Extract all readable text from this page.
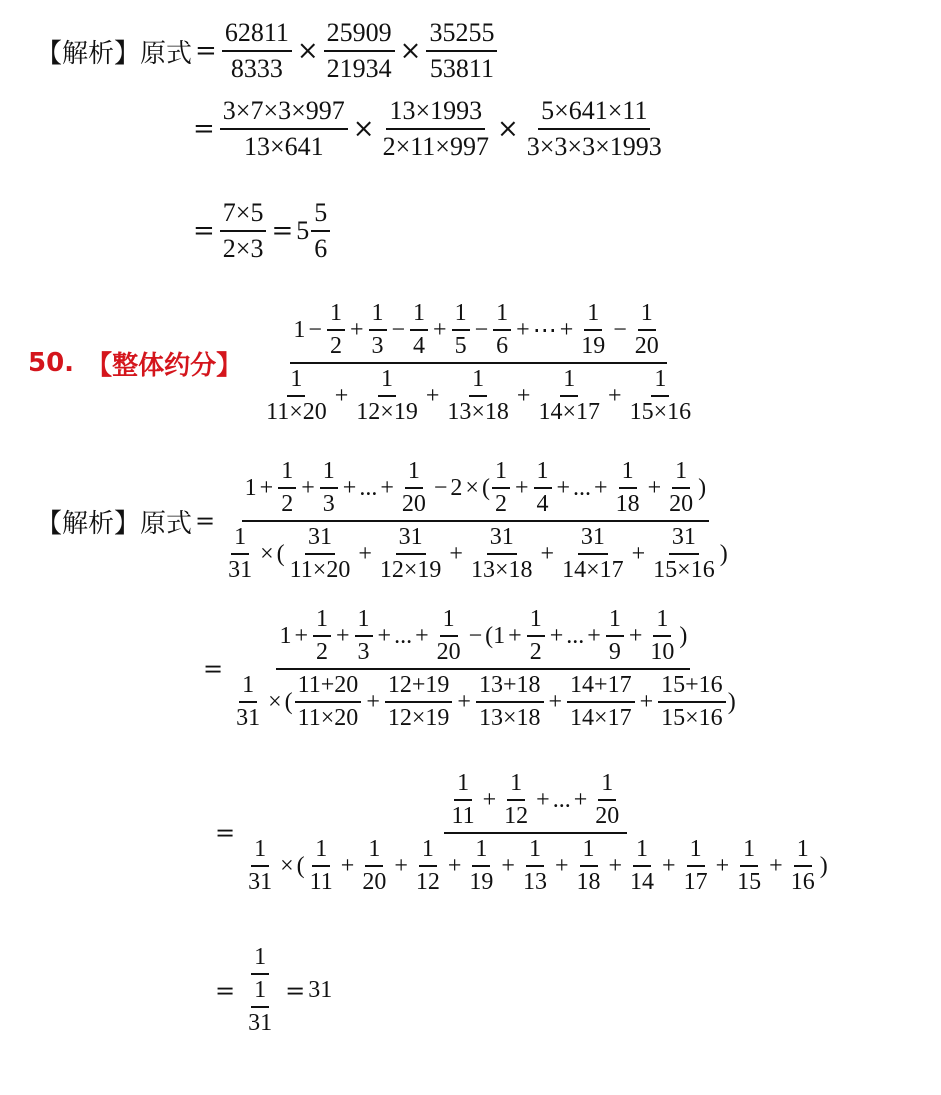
【解析】原式 = $\frac{62811}{8333} \times \frac{25909}{21934} \times \frac{35255}{53811}$
= $\frac{3\times 7\times 3\times 997}{13\times 641} \times \frac{13\times 1993}{2\times 11\times 997} \times \frac{5\times 641\times 11}{3\times 3\times 3\times 1993}$
= $\frac{7\times 5}{2\times 3} = 5 \frac{5}{6}$
50. 【整体约分】
$1 - \frac{1}{2} + \frac{1}{3} - \frac{1}{4} + \frac{1}{5} - \frac{1}{6}$ + ⋯ + $\frac{1}{19} - \frac{1}{20}$
$\frac{1}{11\times 20} + \frac{1}{12\times 19} + \frac{1}{13\times 18} + \frac{1}{14\times 17} + \frac{1}{15\times 16}$
【解析】原式 =
$1 + \frac{1}{2} + \frac{1}{3}$ + ... + $\frac{1}{20} - 2$ × ( $\frac{1}{2} + \frac{1}{4}$ + ... + $\frac{1}{18} + \frac{1}{20}$ )
$\frac{1}{31}$ × ( $\frac{31}{11\times 20} + \frac{31}{12\times 19} + \frac{31}{13\times 18} + \frac{31}{14\times 17} + \frac{31}{15\times 16}$ )
=
$1 + \frac{1}{2} + \frac{1}{3}$ + ... + $\frac{1}{20}$ − ( $1 + \frac{1}{2}$ + ... + $\frac{1}{9} + \frac{1}{10}$ )
$\frac{1}{31}$ × ( $\frac{11+20}{11\times 20} + \frac{12+19}{12\times 19} + \frac{13+18}{13\times 18} + \frac{14+17}{14\times 17} + \frac{15+16}{15\times 16}$ )
=
$\frac{1}{11} + \frac{1}{12}$ + ... + $\frac{1}{20}$
$\frac{1}{31}$ × ( $\frac{1}{11} + \frac{1}{20} + \frac{1}{12} + \frac{1}{19} + \frac{1}{13} + \frac{1}{18} + \frac{1}{14} + \frac{1}{17} + \frac{1}{15} + \frac{1}{16}$ )
= $\frac{1}{\frac{1}{31}} = 31$
